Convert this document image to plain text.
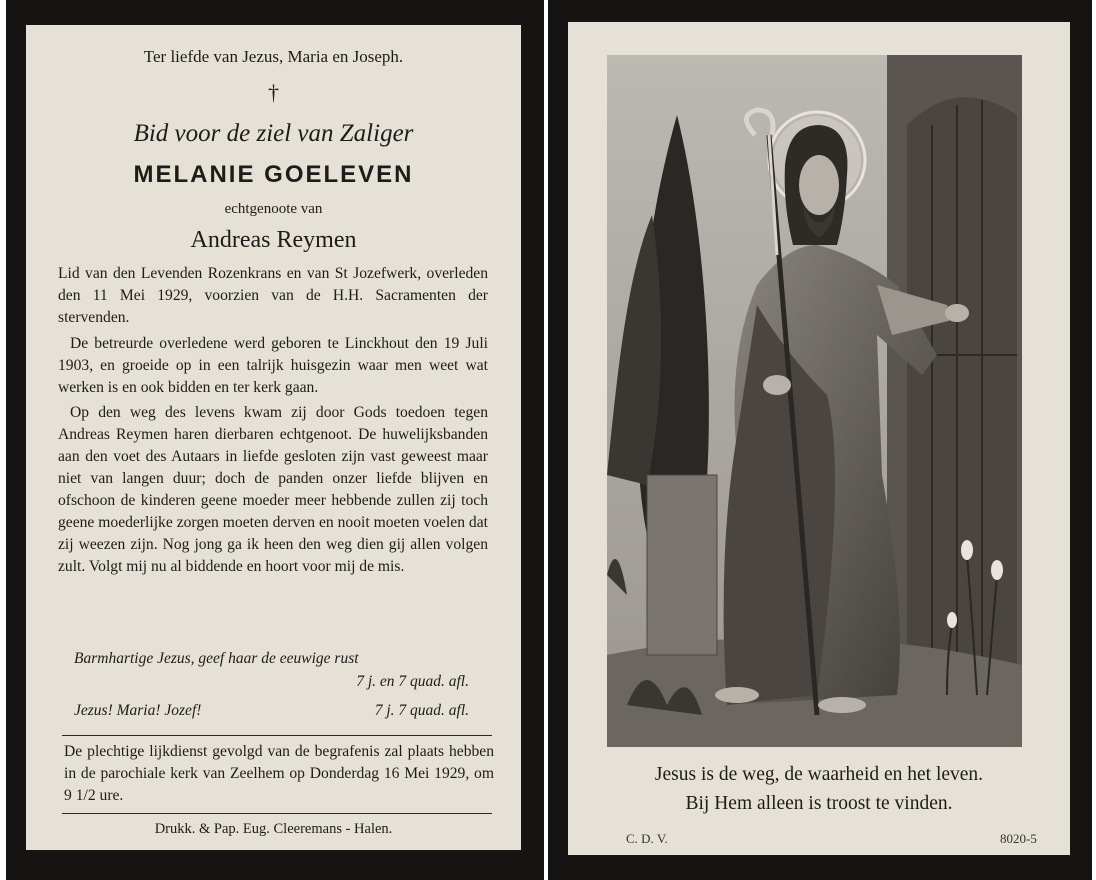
Ter liefde van Jezus, Maria en Joseph.
†
Bid voor de ziel van Zaliger
MELANIE GOELEVEN
echtgenoote van
Andreas Reymen

Lid van den Levenden Rozenkrans en van St Jozefwerk, overleden den 11 Mei 1929, voorzien van de H.H. Sacramenten der stervenden.

De betreurde overledene werd geboren te Linckhout den 19 Juli 1903, en groeide op in een talrijk huisgezin waar men weet wat werken is en ook bidden en ter kerk gaan.

Op den weg des levens kwam zij door Gods toedoen tegen Andreas Reymen haren dierbaren echtgenoot. De huwelijksbanden aan den voet des Autaars in liefde gesloten zijn vast geweest maar niet van langen duur; doch de panden onzer liefde blijven en ofschoon de kinderen geene moeder meer hebbende zullen zij toch geene moederlijke zorgen moeten derven en nooit moeten voelen dat zij weezen zijn. Nog jong ga ik heen den weg dien gij allen volgen zult. Volgt mij nu al biddende en hoort voor mij de mis.

Barmhartige Jezus, geef haar de eeuwige rust
7 j. en 7 quad. afl.
Jezus! Maria! Jozef!	7 j. 7 quad. afl.
De plechtige lijkdienst gevolgd van de begrafenis zal plaats hebben in de parochiale kerk van Zeelhem op Donderdag 16 Mei 1929, om 9 1/2 ure.
Drukk. & Pap. Eug. Cleeremans - Halen.
Jesus is de weg, de waarheid en het leven.
Bij Hem alleen is troost te vinden.
C. D. V.	8020-5
